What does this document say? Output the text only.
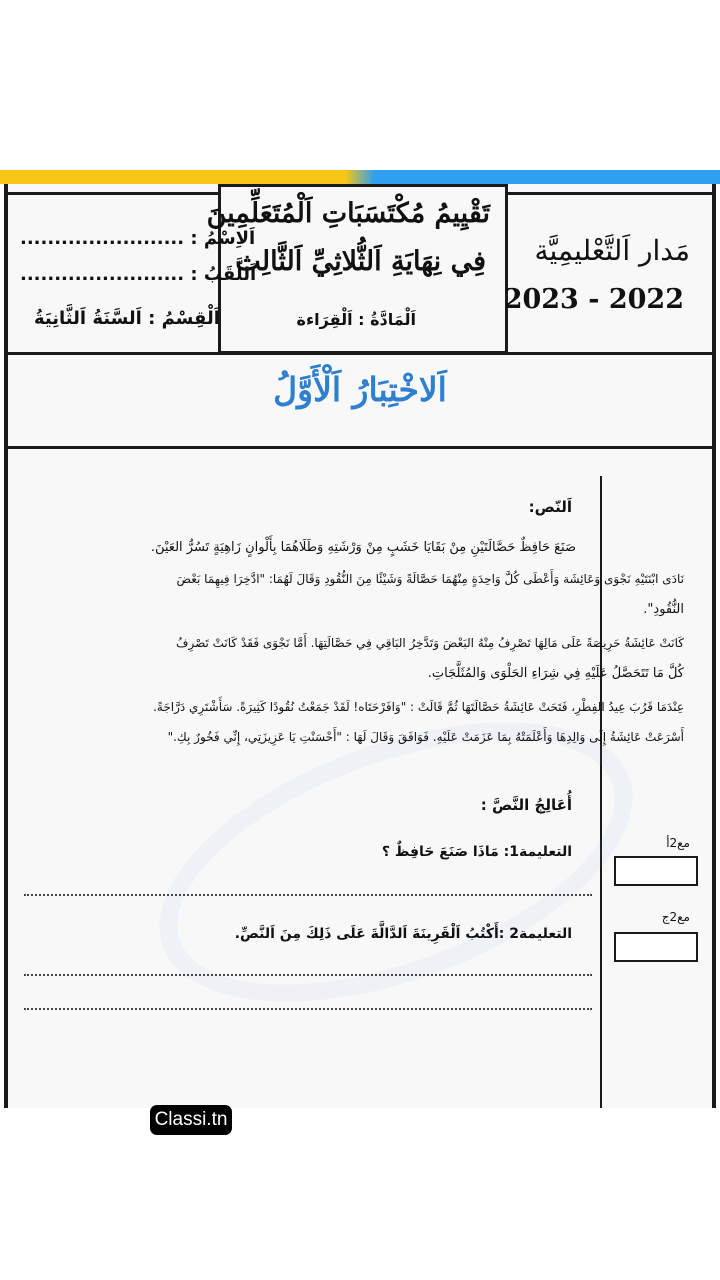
مَدار اَلتَّعْليمِيَّة
2023 - 2022
تَقْيِيمُ مُكْتَسَبَاتِ اَلْمُتَعَلِّمِينَ
فِي نِهَايَةِ اَلثُّلاثِيِّ اَلثَّالِث
اَلْمَادَّةُ : اَلْقِرَاءة
اَلاِسْمُ : ........................
اَللَّقَبُ : ........................
اَلْقِسْمُ : اَلسَّنَةُ اَلثَّانِيَةُ
اَلاخْتِبَارُ اَلْأَوَّلُ
اَلنّص:
صَنَعَ حَافِظٌ حَصَّالَتَيْنِ مِنْ بَقَايَا خَشَبٍ مِنْ وَرْشَتِهِ وَطَلَاهُمَا بِأَلْوانٍ زَاهِيَةٍ تَسُرُّ العَيْنَ.
نَادَى ابْنَتَيْهِ نَجْوَى وَعَائِشَة وَأَعْطَى كُلَّ وَاحِدَةٍ مِنْهُمَا حَصَّالَةً وَشَيْئًا مِنَ النُّقُودِ وَقَالَ لَهُمَا: "ادَّخِرَا فِيهِمَا بَعْضَ
النُّقُودِ".
كَانَتْ عَائِشَةُ حَرِيصَةً عَلَى مَالِهَا تَصْرِفُ مِنْهُ البَعْضَ وَتَدَّخِرُ البَاقِي فِي حَصَّالَتِهَا. أَمَّا نَجْوَى فَقَدْ كَانَتْ تَصْرِفُ
كُلَّ مَا تَتَحَصَّلُ عَلَيْهِ فِي شِرَاءِ الحَلْوَى وَالمُثَلَّجَاتِ.
عِنْدَمَا قَرُبَ عِيدُ الفِطْرِ، فَتَحَتْ عَائِشَةُ حَصَّالَتَهَا ثُمَّ قَالَتْ : "وَافَرْحَتَاه! لَقَدْ جَمَعْتُ نُقُودًا كَثِيرَةً. سَأَشْتَرِي دَرَّاجَةً.
أَسْرَعَتْ عَائِشَةُ إِلَى وَالِدِهَا وَأَعْلَمَتْهُ بِمَا عَزَمَتْ عَلَيْهِ. فَوَافَقَ وَقَالَ لَهَا : "أَحْسَنْتِ يَا عَزِيزَتِي، إِنِّي فَخُورٌ بِكِ."
أُعَالِجُ النَّصَّ :
التعليمة1: مَاذَا صَنَعَ حَافِظٌ ؟
التعليمة2 :أَكْتُبُ اَلْقَرِينَةَ اَلدَّالَّةَ عَلَى ذَلِكَ مِنَ اَلنَّصِّ.
مع2أ
مع2ج
Classi.tn
